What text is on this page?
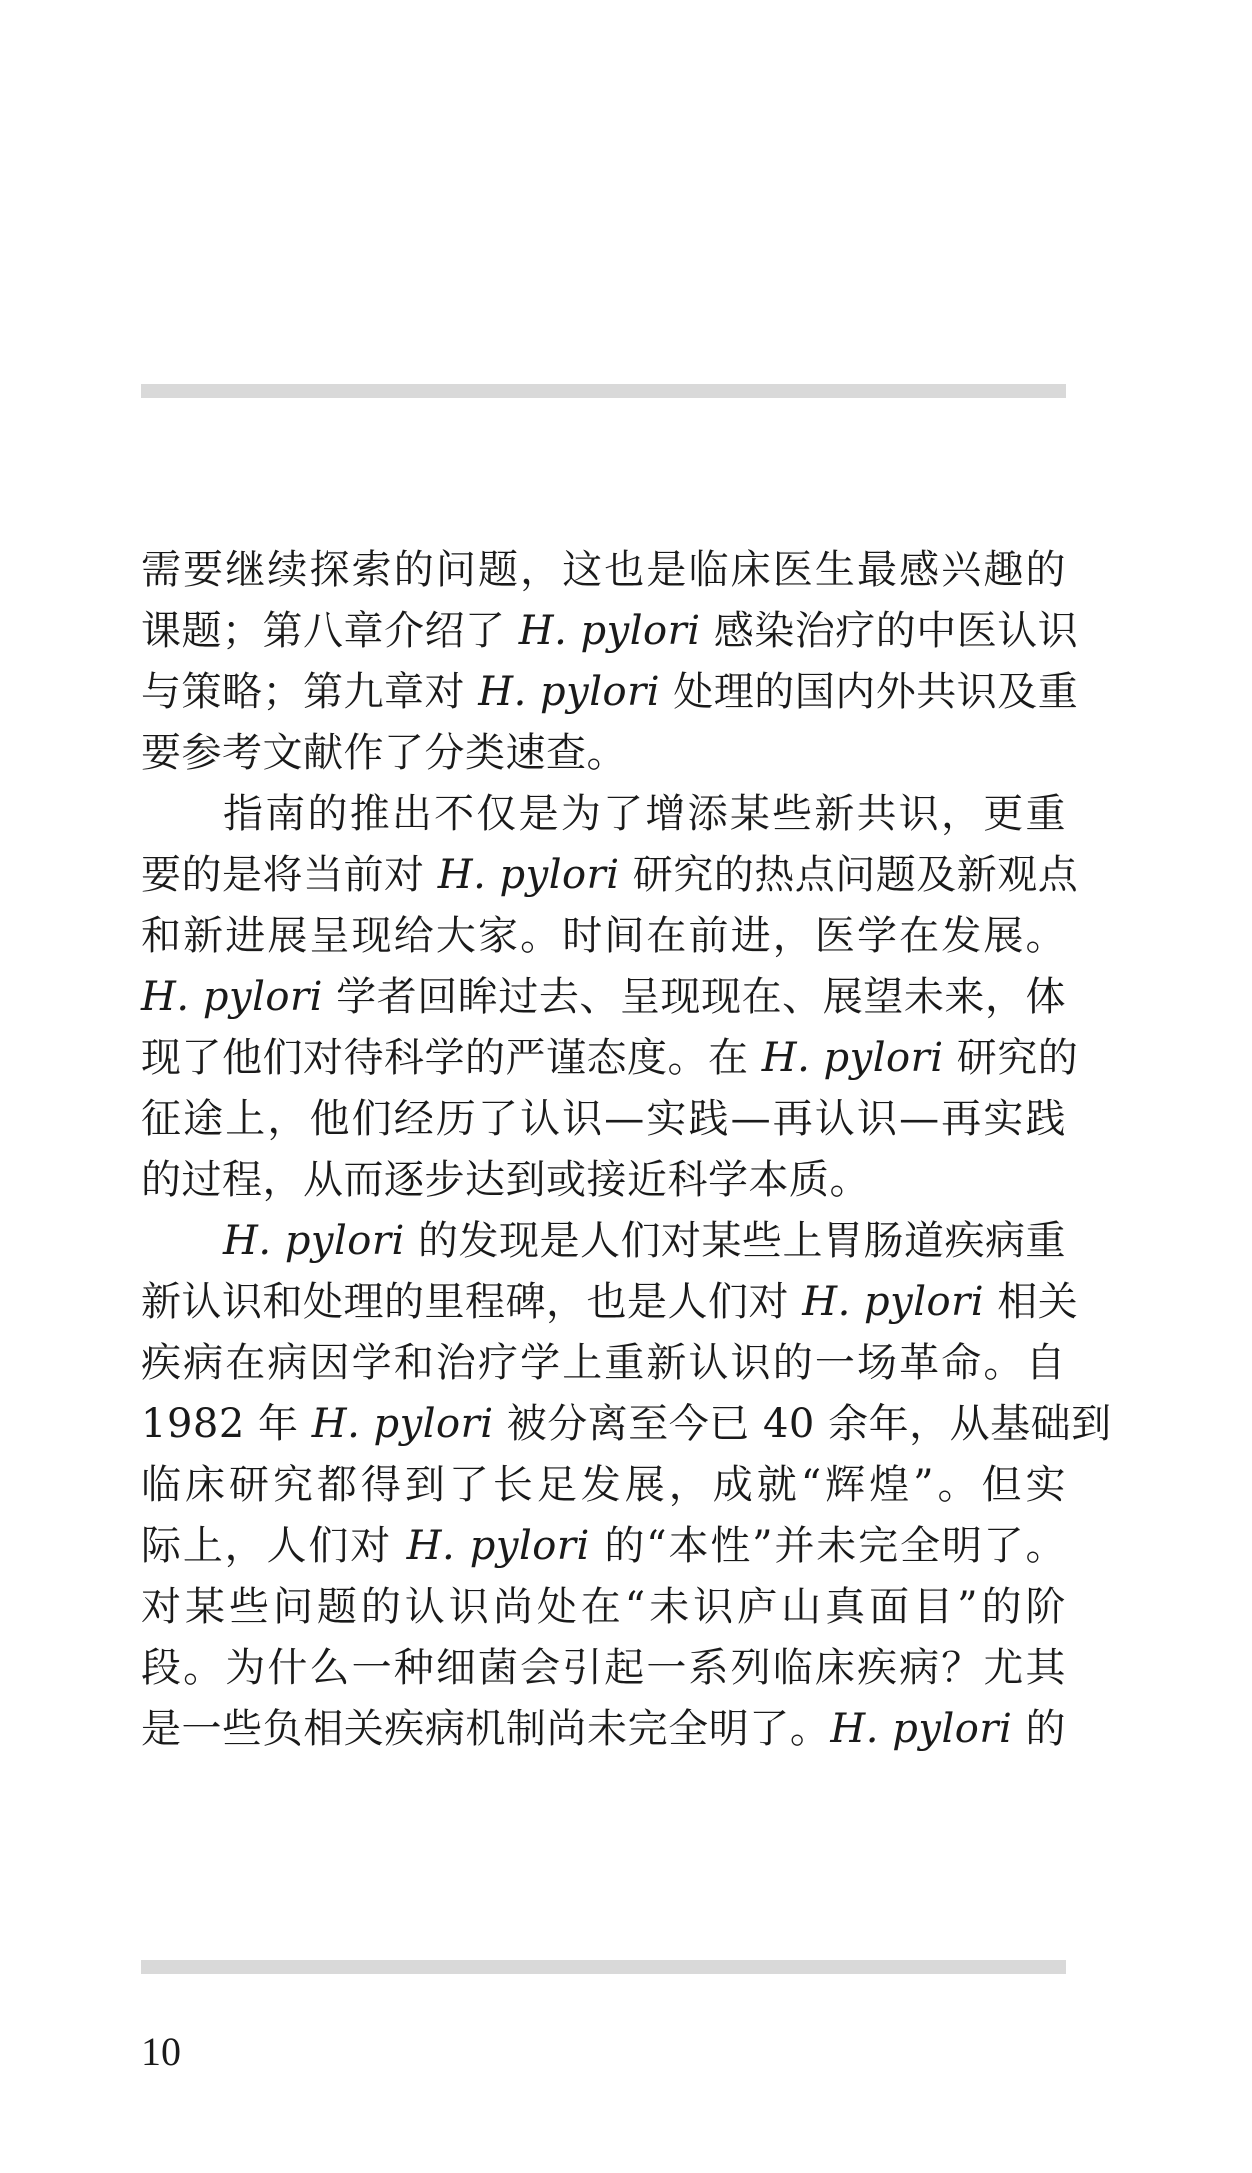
需要继续探索的问题，这也是临床医生最感兴趣的
课题；第八章介绍了 H. pylori 感染治疗的中医认识
与策略；第九章对 H. pylori 处理的国内外共识及重
要参考文献作了分类速查。
指南的推出不仅是为了增添某些新共识，更重
要的是将当前对 H. pylori 研究的热点问题及新观点
和新进展呈现给大家。时间在前进，医学在发展。
H. pylori 学者回眸过去、呈现现在、展望未来，体
现了他们对待科学的严谨态度。在 H. pylori 研究的
征途上，他们经历了认识—实践—再认识—再实践
的过程，从而逐步达到或接近科学本质。
H. pylori 的发现是人们对某些上胃肠道疾病重
新认识和处理的里程碑，也是人们对 H. pylori 相关
疾病在病因学和治疗学上重新认识的一场革命。自
1982 年 H. pylori 被分离至今已 40 余年，从基础到
临床研究都得到了长足发展，成就“辉煌”。但实
际上，人们对 H. pylori 的“本性”并未完全明了。
对某些问题的认识尚处在“未识庐山真面目”的阶
段。为什么一种细菌会引起一系列临床疾病？尤其
是一些负相关疾病机制尚未完全明了。H. pylori 的
10
